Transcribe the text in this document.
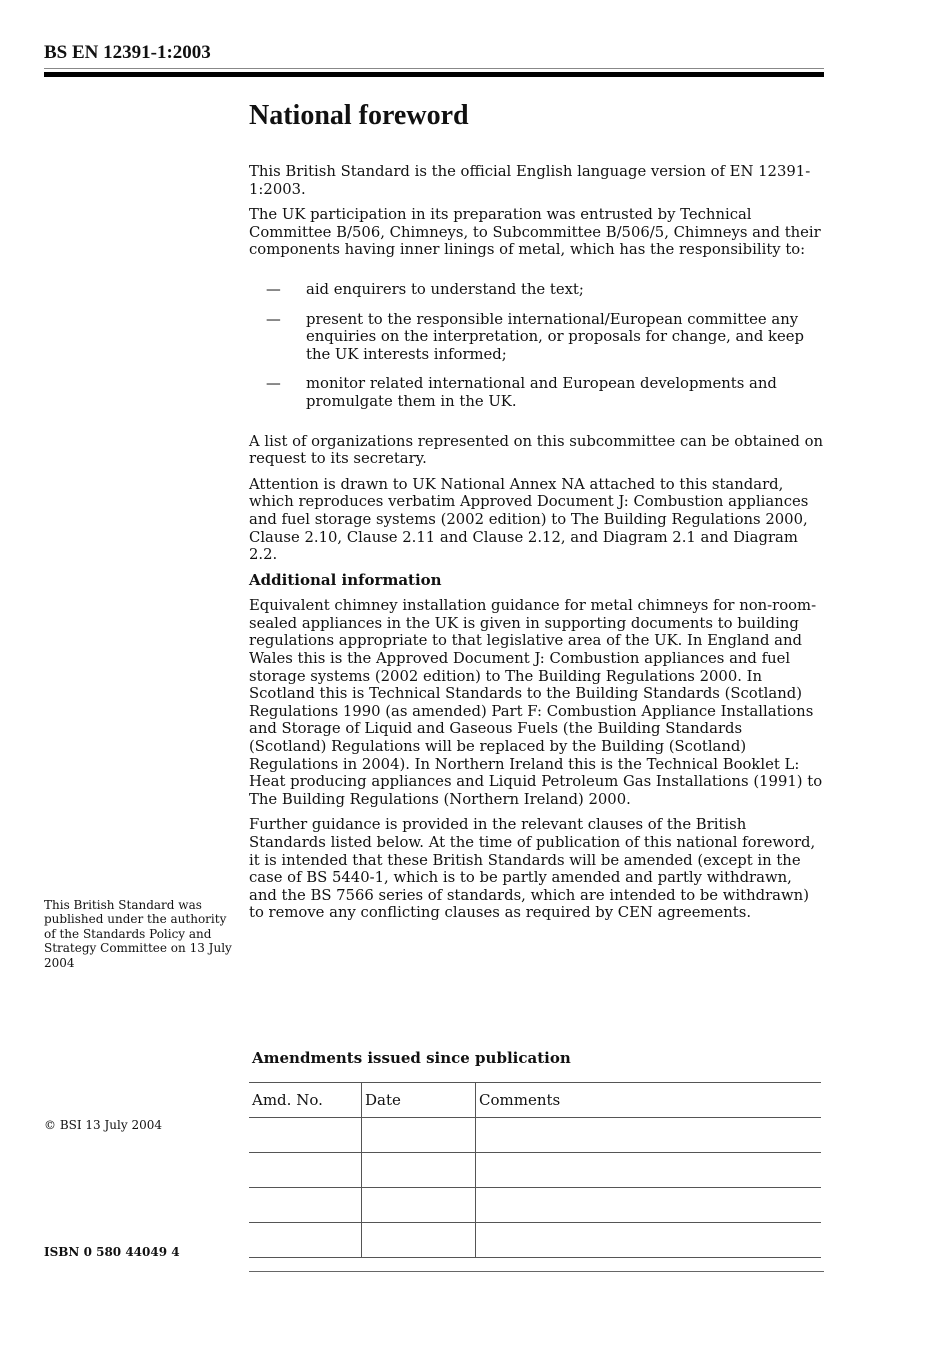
BS EN 12391-1:2003
National foreword

This British Standard is the official English language version of EN 12391-1:2003.

The UK participation in its preparation was entrusted by Technical Committee B/506, Chimneys, to Subcommittee B/506/5, Chimneys and their components having inner linings of metal, which has the responsibility to:

—	aid enquirers to understand the text;
—	present to the responsible international/European committee any enquiries on the interpretation, or proposals for change, and keep the UK interests informed;
—	monitor related international and European developments and promulgate them in the UK.

A list of organizations represented on this subcommittee can be obtained on request to its secretary.

Attention is drawn to UK National Annex NA attached to this standard, which reproduces verbatim Approved Document J: Combustion appliances and fuel storage systems (2002 edition) to The Building Regulations 2000, Clause 2.10, Clause 2.11 and Clause 2.12, and Diagram 2.1 and Diagram 2.2.

Additional information

Equivalent chimney installation guidance for metal chimneys for non-room-sealed appliances in the UK is given in supporting documents to building regulations appropriate to that legislative area of the UK. In England and Wales this is the Approved Document J: Combustion appliances and fuel storage systems (2002 edition) to The Building Regulations 2000. In Scotland this is Technical Standards to the Building Standards (Scotland) Regulations 1990 (as amended) Part F: Combustion Appliance Installations and Storage of Liquid and Gaseous Fuels (the Building Standards (Scotland) Regulations will be replaced by the Building (Scotland) Regulations in 2004). In Northern Ireland this is the Technical Booklet L: Heat producing appliances and Liquid Petroleum Gas Installations (1991) to The Building Regulations (Northern Ireland) 2000.

Further guidance is provided in the relevant clauses of the British Standards listed below. At the time of publication of this national foreword, it is intended that these British Standards will be amended (except in the case of BS 5440-1, which is to be partly amended and partly withdrawn, and the BS 7566 series of standards, which are intended to be withdrawn) to remove any conflicting clauses as required by CEN agreements.

This British Standard was published under the authority of the Standards Policy and Strategy Committee on 13 July 2004
© BSI 13 July 2004
ISBN 0 580 44049 4
Amendments issued since publication
Amd. No.	Date	Comments
